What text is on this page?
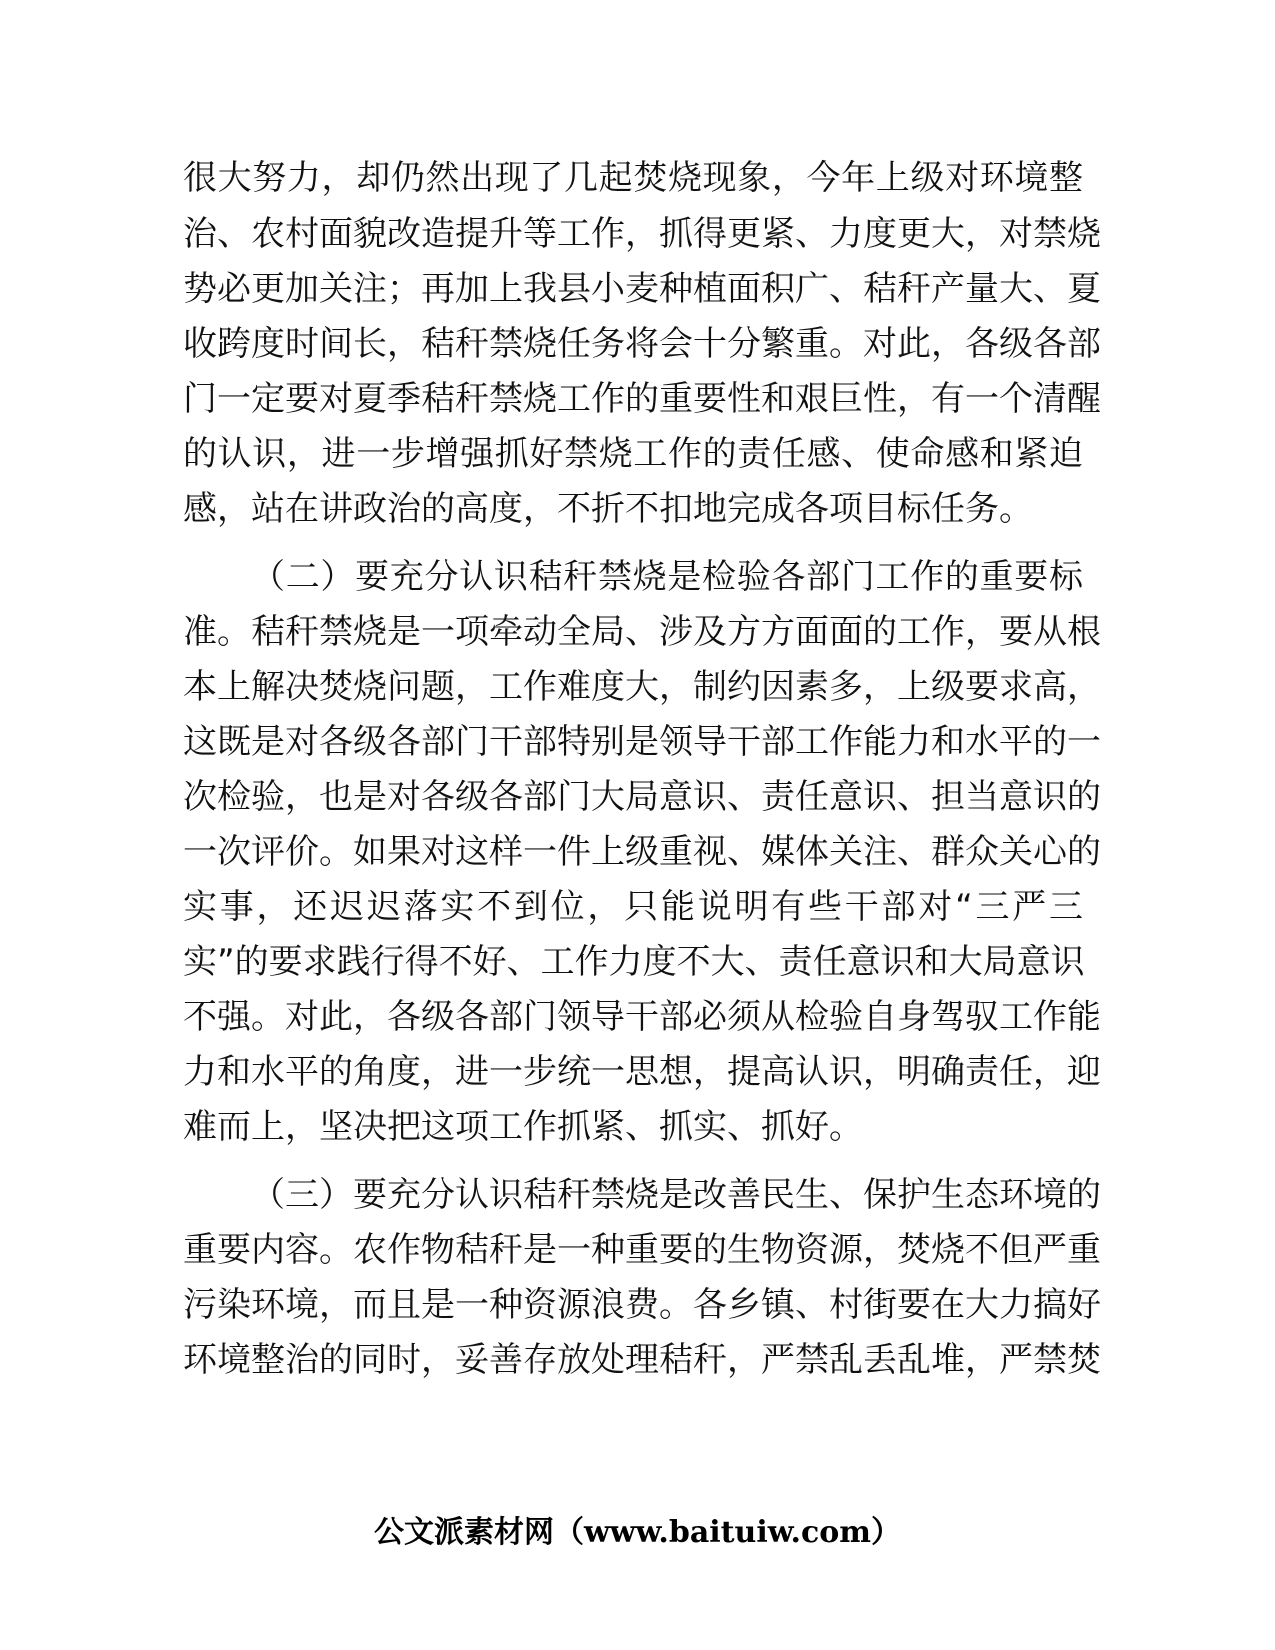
很大努力，却仍然出现了几起焚烧现象，今年上级对环境整
治、农村面貌改造提升等工作，抓得更紧、力度更大，对禁烧
势必更加关注；再加上我县小麦种植面积广、秸秆产量大、夏
收跨度时间长，秸秆禁烧任务将会十分繁重。对此，各级各部
门一定要对夏季秸秆禁烧工作的重要性和艰巨性，有一个清醒
的认识，进一步增强抓好禁烧工作的责任感、使命感和紧迫
感，站在讲政治的高度，不折不扣地完成各项目标任务。
（二）要充分认识秸秆禁烧是检验各部门工作的重要标
准。秸秆禁烧是一项牵动全局、涉及方方面面的工作，要从根
本上解决焚烧问题，工作难度大，制约因素多，上级要求高，
这既是对各级各部门干部特别是领导干部工作能力和水平的一
次检验，也是对各级各部门大局意识、责任意识、担当意识的
一次评价。如果对这样一件上级重视、媒体关注、群众关心的
实事，还迟迟落实不到位，只能说明有些干部对“三严三
实”的要求践行得不好、工作力度不大、责任意识和大局意识
不强。对此，各级各部门领导干部必须从检验自身驾驭工作能
力和水平的角度，进一步统一思想，提高认识，明确责任，迎
难而上，坚决把这项工作抓紧、抓实、抓好。
（三）要充分认识秸秆禁烧是改善民生、保护生态环境的
重要内容。农作物秸秆是一种重要的生物资源，焚烧不但严重
污染环境，而且是一种资源浪费。各乡镇、村街要在大力搞好
环境整治的同时，妥善存放处理秸秆，严禁乱丢乱堆，严禁焚
公文派素材网（www.baituiw.com）
